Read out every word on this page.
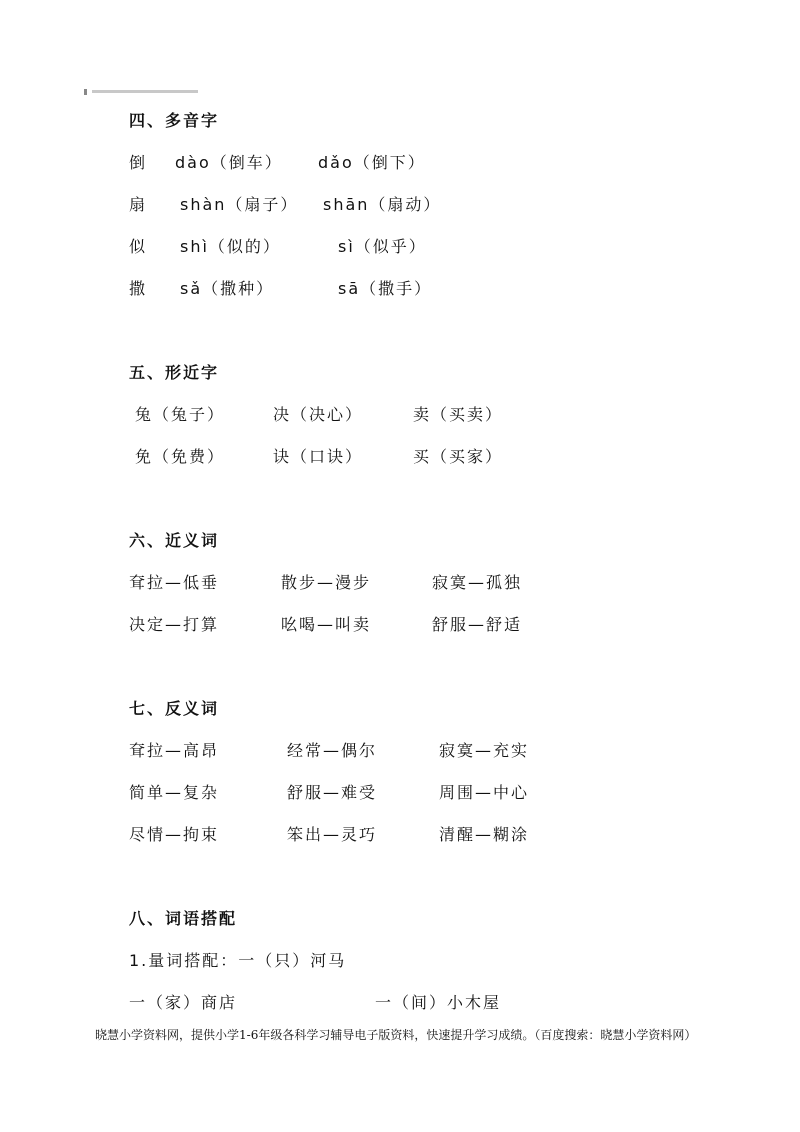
四、多音字
倒 dào（倒车） dǎo（倒下）
扇 shàn（扇子） shān（扇动）
似 shì（似的）	sì（似乎）
撒 sǎ（撒种）	sā（撒手）
五、形近字
兔（兔子）	决（决心）	卖（买卖）
免（免费）	诀（口诀）	买（买家）
六、近义词
耷拉—低垂	散步—漫步	寂寞—孤独
决定—打算	吆喝—叫卖	舒服—舒适
七、反义词
耷拉—高昂	经常—偶尔	寂寞—充实
简单—复杂	舒服—难受	周围—中心
尽情—拘束	笨出—灵巧	清醒—糊涂
八、词语搭配
1.量词搭配：一（只）河马
一（家）商店	一（间）小木屋
晓慧小学资料网，提供小学1-6年级各科学习辅导电子版资料，快速提升学习成绩。（百度搜索：晓慧小学资料网）
